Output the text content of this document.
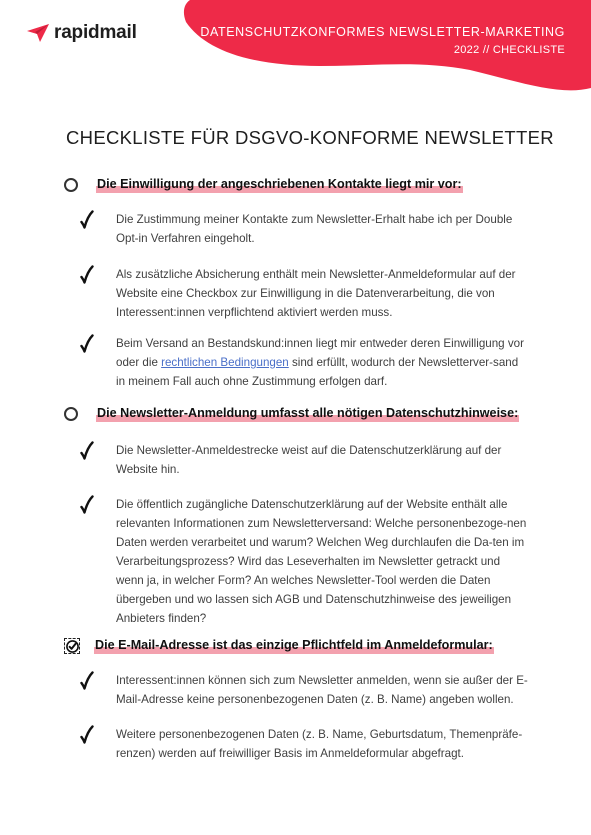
rapidmail	DATENSCHUTZKONFORMES NEWSLETTER-MARKETING
2022 // CHECKLISTE
CHECKLISTE FÜR DSGVO-KONFORME NEWSLETTER
Die Einwilligung der angeschriebenen Kontakte liegt mir vor:
Die Zustimmung meiner Kontakte zum Newsletter-Erhalt habe ich per Double Opt-in Verfahren eingeholt.
Als zusätzliche Absicherung enthält mein Newsletter-Anmeldeformular auf der Website eine Checkbox zur Einwilligung in die Datenverarbeitung, die von Interessent:innen verpflichtend aktiviert werden muss.
Beim Versand an Bestandskund:innen liegt mir entweder deren Einwilligung vor oder die rechtlichen Bedingungen sind erfüllt, wodurch der Newsletterver-sand in meinem Fall auch ohne Zustimmung erfolgen darf.
Die Newsletter-Anmeldung umfasst alle nötigen Datenschutzhinweise:
Die Newsletter-Anmeldestrecke weist auf die Datenschutzerklärung auf der Website hin.
Die öffentlich zugängliche Datenschutzerklärung auf der Website enthält alle relevanten Informationen zum Newsletterversand: Welche personenbezoge-nen Daten werden verarbeitet und warum? Welchen Weg durchlaufen die Da-ten im Verarbeitungsprozess? Wird das Leseverhalten im Newsletter getrackt und wenn ja, in welcher Form? An welches Newsletter-Tool werden die Daten übergeben und wo lassen sich AGB und Datenschutzhinweise des jeweiligen Anbieters finden?
Die E-Mail-Adresse ist das einzige Pflichtfeld im Anmeldeformular:
Interessent:innen können sich zum Newsletter anmelden, wenn sie außer der E-Mail-Adresse keine personenbezogenen Daten (z. B. Name) angeben wollen.
Weitere personenbezogenen Daten (z. B. Name, Geburtsdatum, Themenpräfe-renzen) werden auf freiwilliger Basis im Anmeldeformular abgefragt.
